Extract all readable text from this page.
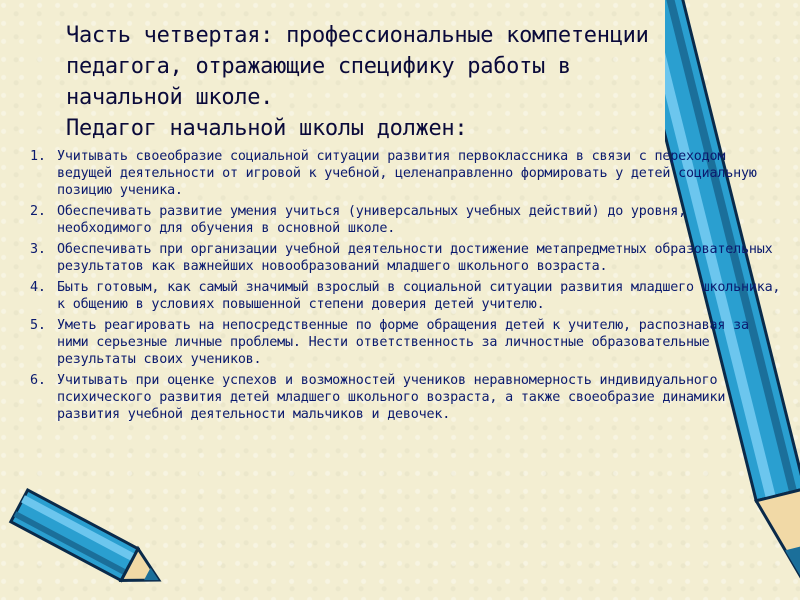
Часть четвертая: профессиональные компетенции
педагога, отражающие специфику работы в
начальной школе.

Педагог начальной школы должен:
1. Учитывать своеобразие социальной ситуации развития первоклассника в связи с переходом ведущей деятельности от игровой к учебной, целенаправленно формировать у детей социальную позицию ученика.
2. Обеспечивать развитие умения учиться (универсальных учебных действий) до уровня, необходимого для обучения в основной школе.
3. Обеспечивать при организации учебной деятельности достижение метапредметных образовательных результатов как важнейших новообразований младшего школьного возраста.
4. Быть готовым, как самый значимый взрослый в социальной ситуации развития младшего школьника, к общению в условиях повышенной степени доверия детей учителю.
5. Уметь реагировать на непосредственные по форме обращения детей к учителю, распознавая за ними серьезные личные проблемы. Нести ответственность за личностные образовательные результаты своих учеников.
6. Учитывать при оценке успехов и возможностей учеников неравномерность индивидуального психического развития детей младшего школьного возраста, а также своеобразие динамики развития учебной деятельности мальчиков и девочек.
